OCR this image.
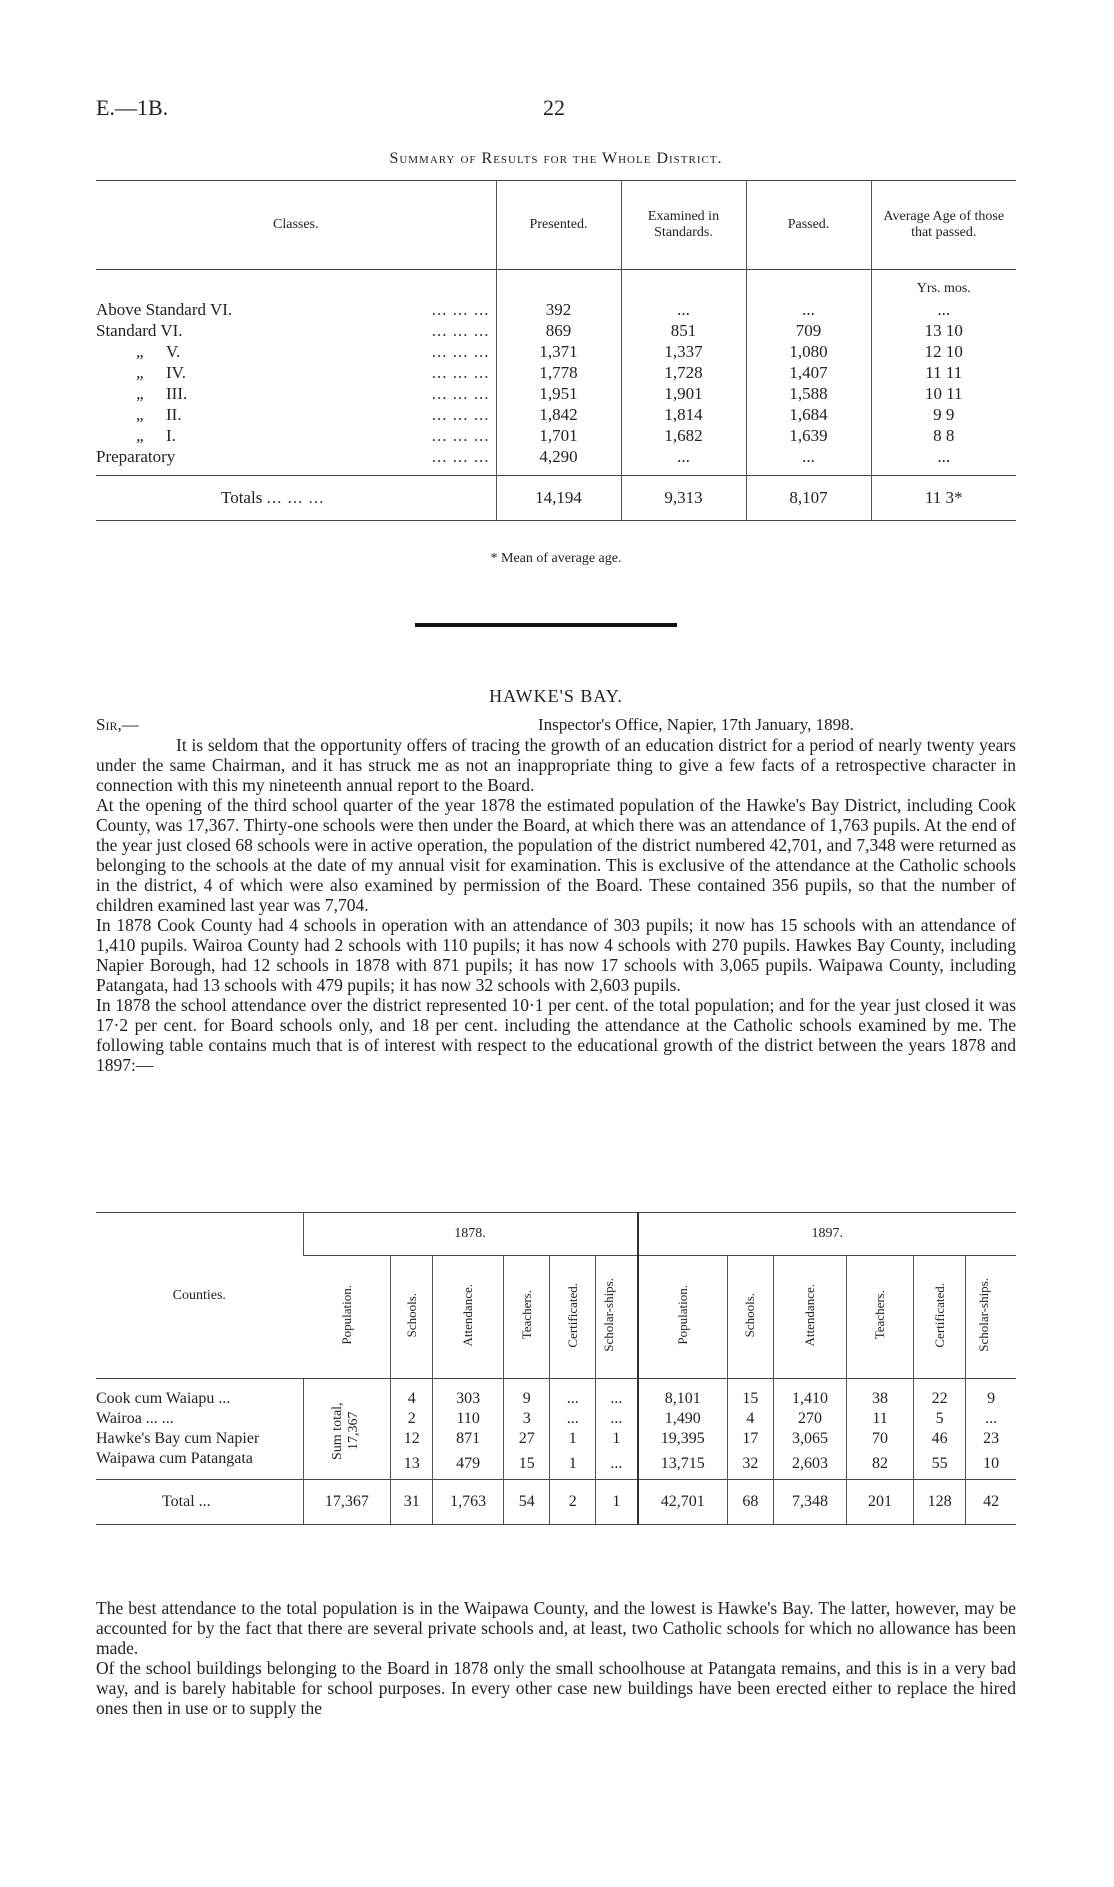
E.—1B.	22
Summary of Results for the Whole District.
Classes.	Presented.	Examined in Standards.	Passed.	Average Age of those that passed.

				Yrs. mos.

Above Standard VI. ... ... ...	392	...	...	...

Standard VI. ... ... ...	869	851	709	13 10

„ V. ... ... ...	1,371	1,337	1,080	12 10

„ IV. ... ... ...	1,778	1,728	1,407	11 11

„ III. ... ... ...	1,951	1,901	1,588	10 11

„ II. ... ... ...	1,842	1,814	1,684	9 9

„ I. ... ... ...	1,701	1,682	1,639	8 8

Preparatory ... ... ...	4,290	...	...	...

Totals ... ... ...	14,194	9,313	8,107	11 3*
* Mean of average age.
HAWKE'S BAY.
Sir,—	Inspector's Office, Napier, 17th January, 1898.

It is seldom that the opportunity offers of tracing the growth of an education district for a period of nearly twenty years under the same Chairman, and it has struck me as not an inappropriate thing to give a few facts of a retrospective character in connection with this my nineteenth annual report to the Board.

At the opening of the third school quarter of the year 1878 the estimated population of the Hawke's Bay District, including Cook County, was 17,367. Thirty-one schools were then under the Board, at which there was an attendance of 1,763 pupils. At the end of the year just closed 68 schools were in active operation, the population of the district numbered 42,701, and 7,348 were returned as belonging to the schools at the date of my annual visit for examination. This is exclusive of the attendance at the Catholic schools in the district, 4 of which were also examined by permission of the Board. These contained 356 pupils, so that the number of children examined last year was 7,704.

In 1878 Cook County had 4 schools in operation with an attendance of 303 pupils; it now has 15 schools with an attendance of 1,410 pupils. Wairoa County had 2 schools with 110 pupils; it has now 4 schools with 270 pupils. Hawkes Bay County, including Napier Borough, had 12 schools in 1878 with 871 pupils; it has now 17 schools with 3,065 pupils. Waipawa County, including Patangata, had 13 schools with 479 pupils; it has now 32 schools with 2,603 pupils.

In 1878 the school attendance over the district represented 10·1 per cent. of the total population; and for the year just closed it was 17·2 per cent. for Board schools only, and 18 per cent. including the attendance at the Catholic schools examined by me. The following table contains much that is of interest with respect to the educational growth of the district between the years 1878 and 1897:—

Counties.	1878.						1897.					
	Population.	Schools.	Attendance.	Teachers.	Certificated.	Scholar-ships.	Population.	Schools.	Attendance.	Teachers.	Certificated.	Scholar-ships.
Cook cum Waiapu ...	Sum total, 17,367	4	303	9	...	...	8,101	15	1,410	38	22	9
Wairoa ... ...		2	110	3	...	...	1,490	4	270	11	5	...
Hawke's Bay cum Napier		12	871	27	1	1	19,395	17	3,065	70	46	23
Waipawa cum Patangata		13	479	15	1	...	13,715	32	2,603	82	55	10
Total ...	17,367	31	1,763	54	2	1	42,701	68	7,348	201	128	42

The best attendance to the total population is in the Waipawa County, and the lowest is Hawke's Bay. The latter, however, may be accounted for by the fact that there are several private schools and, at least, two Catholic schools for which no allowance has been made.

Of the school buildings belonging to the Board in 1878 only the small schoolhouse at Patangata remains, and this is in a very bad way, and is barely habitable for school purposes. In every other case new buildings have been erected either to replace the hired ones then in use or to supply the
